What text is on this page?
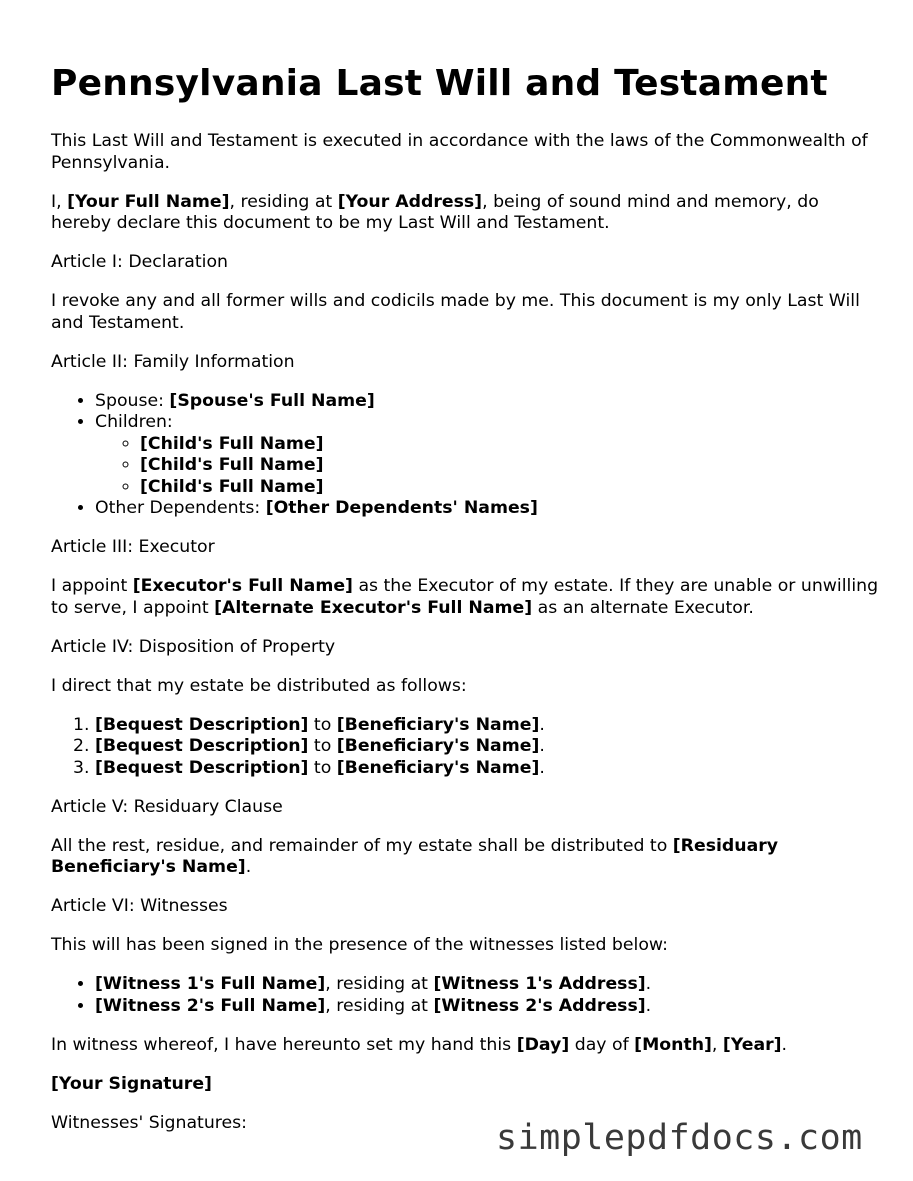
Pennsylvania Last Will and Testament

This Last Will and Testament is executed in accordance with the laws of the Commonwealth of Pennsylvania.

I, [Your Full Name], residing at [Your Address], being of sound mind and memory, do hereby declare this document to be my Last Will and Testament.

Article I: Declaration

I revoke any and all former wills and codicils made by me. This document is my only Last Will and Testament.

Article II: Family Information

• Spouse: [Spouse's Full Name]
• Children:
◦ [Child's Full Name]
◦ [Child's Full Name]
◦ [Child's Full Name]
• Other Dependents: [Other Dependents' Names]

Article III: Executor

I appoint [Executor's Full Name] as the Executor of my estate. If they are unable or unwilling to serve, I appoint [Alternate Executor's Full Name] as an alternate Executor.

Article IV: Disposition of Property

I direct that my estate be distributed as follows:

1. [Bequest Description] to [Beneficiary's Name].
2. [Bequest Description] to [Beneficiary's Name].
3. [Bequest Description] to [Beneficiary's Name].

Article V: Residuary Clause

All the rest, residue, and remainder of my estate shall be distributed to [Residuary Beneficiary's Name].

Article VI: Witnesses

This will has been signed in the presence of the witnesses listed below:

• [Witness 1's Full Name], residing at [Witness 1's Address].
• [Witness 2's Full Name], residing at [Witness 2's Address].

In witness whereof, I have hereunto set my hand this [Day] day of [Month], [Year].

[Your Signature]

Witnesses' Signatures:	simplepdfdocs.com
